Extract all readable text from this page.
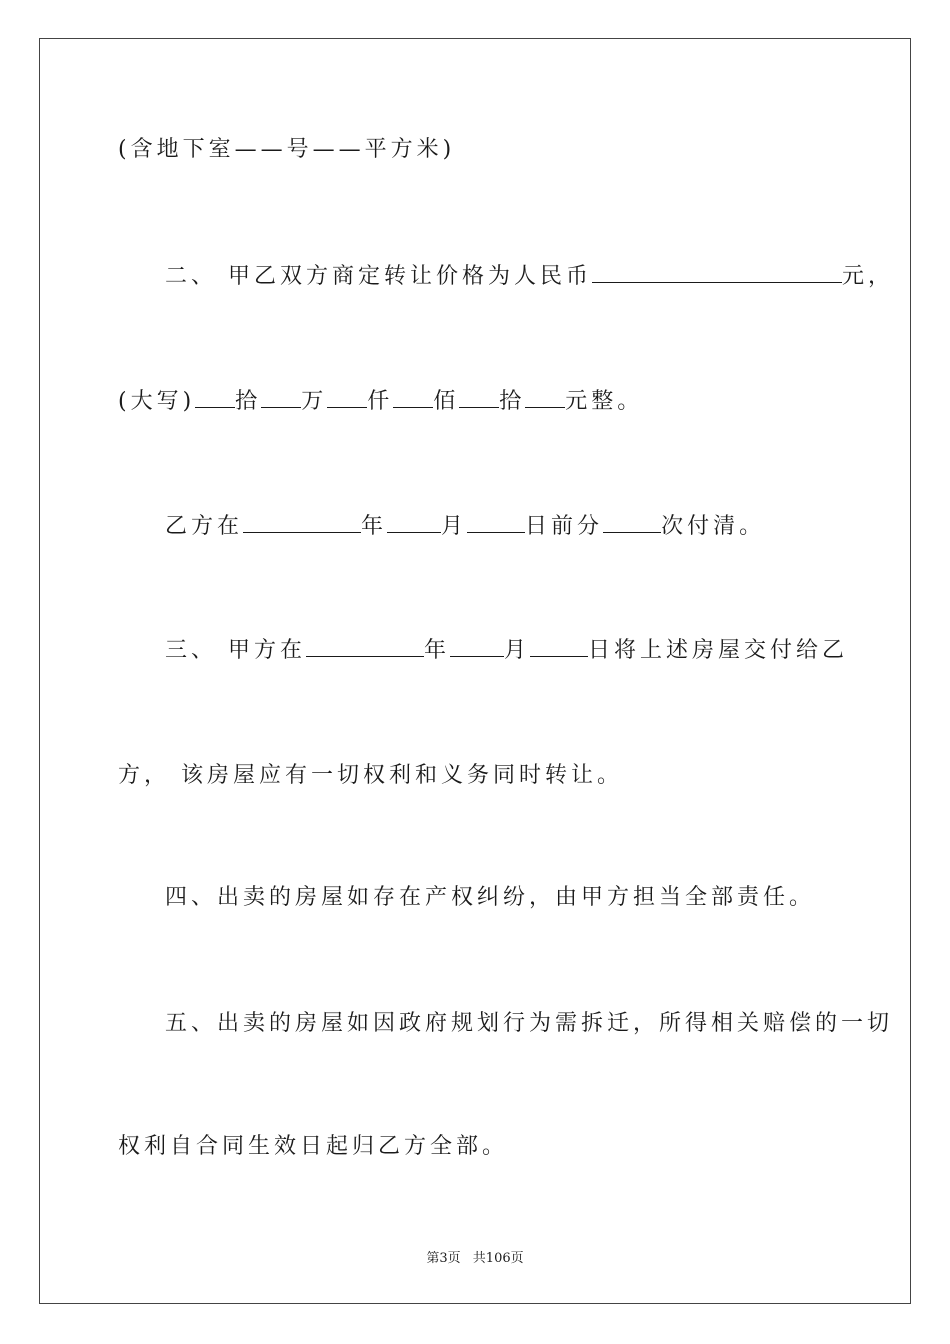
(含地下室——号——平方米)
二、 甲乙双方商定转让价格为人民币	元，
(大写) 拾 万 仟 佰 拾 元整。
乙方在	年 月	日前分	次付清。
三、 甲方在	年 月	日将上述房屋交付给乙
方， 该房屋应有一切权利和义务同时转让。
四、出卖的房屋如存在产权纠纷，由甲方担当全部责任。
五、出卖的房屋如因政府规划行为需拆迁，所得相关赔偿的一切
权利自合同生效日起归乙方全部。
第3页 共106页
